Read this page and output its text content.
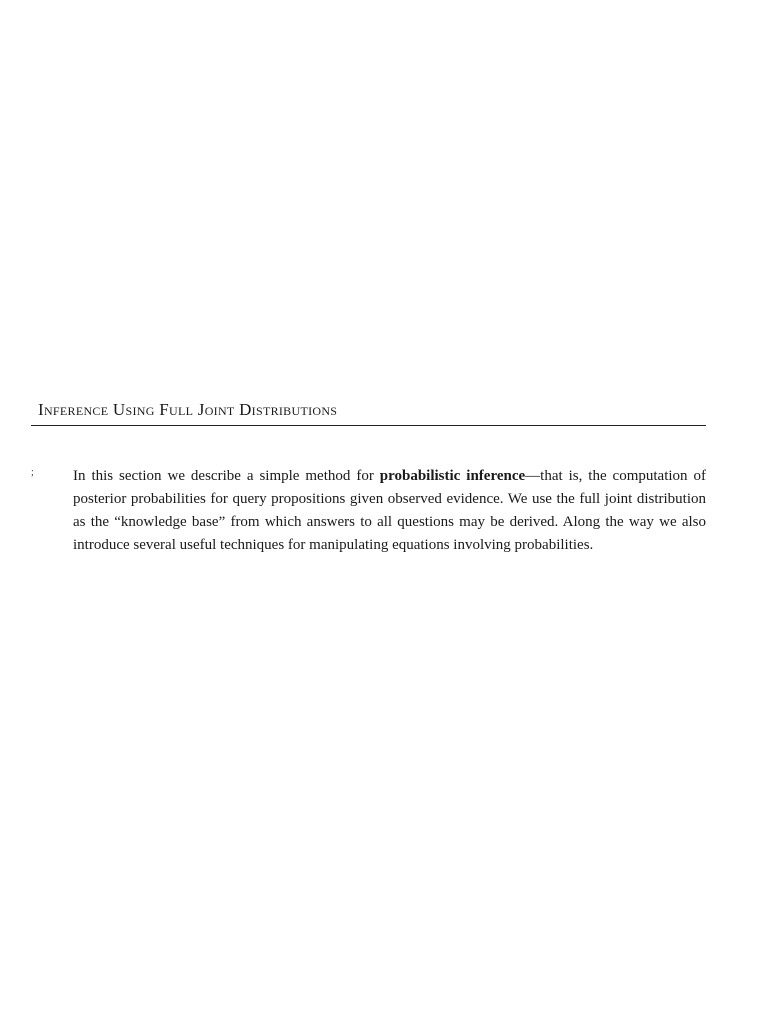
Inference Using Full Joint Distributions
;	In this section we describe a simple method for probabilistic inference—that is, the computation of posterior probabilities for query propositions given observed evidence. We use the full joint distribution as the “knowledge base” from which answers to all questions may be derived. Along the way we also introduce several useful techniques for manipulating equations involving probabilities.
